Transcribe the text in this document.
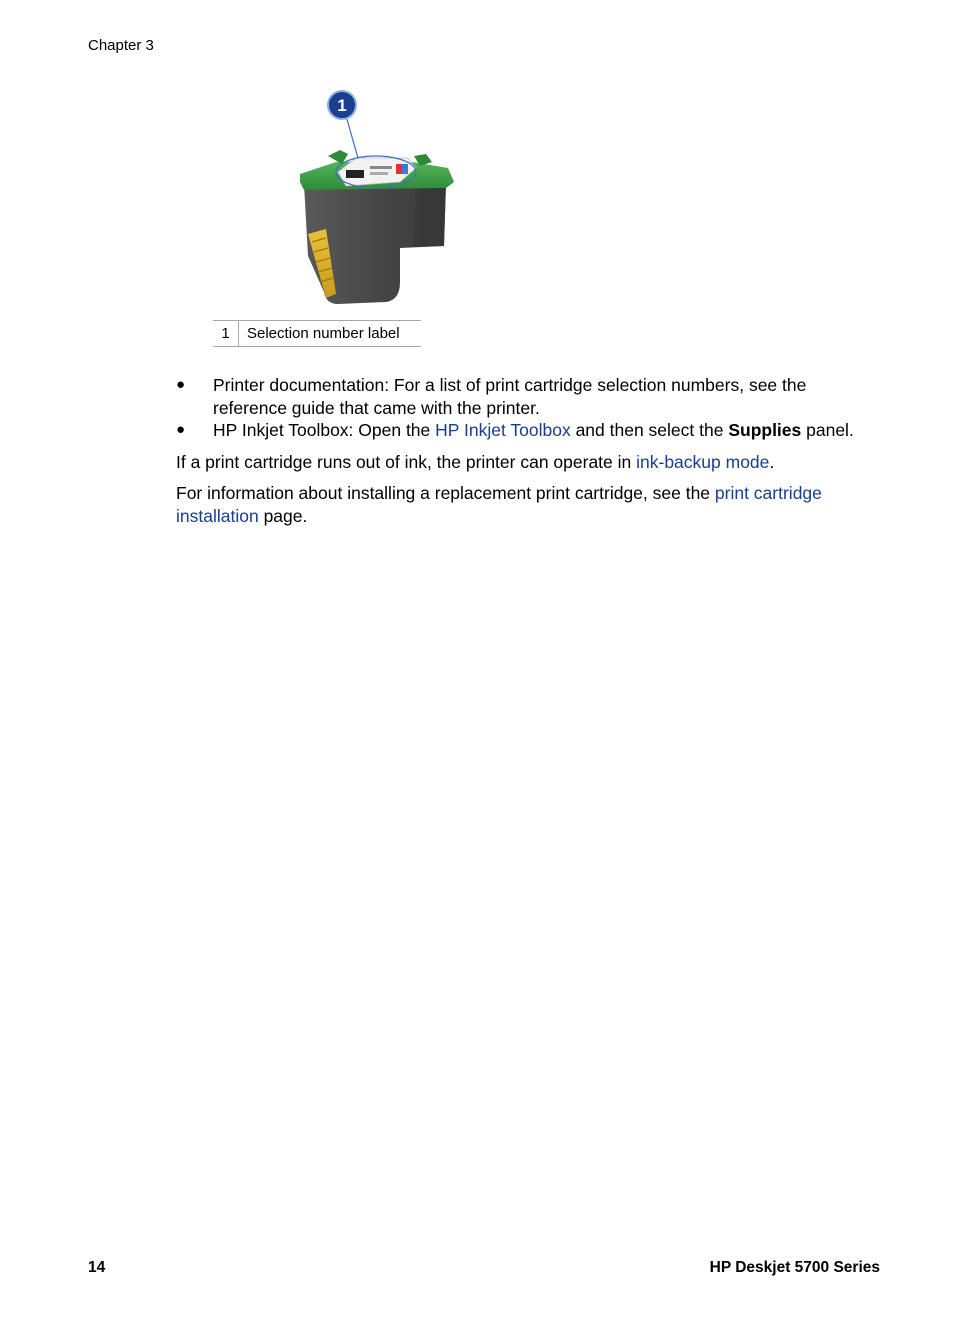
Chapter 3
1
1	Selection number label
● Printer documentation: For a list of print cartridge selection numbers, see the reference guide that came with the printer.
● HP Inkjet Toolbox: Open the HP Inkjet Toolbox and then select the Supplies panel.

If a print cartridge runs out of ink, the printer can operate in ink-backup mode.

For information about installing a replacement print cartridge, see the print cartridge installation page.

14	HP Deskjet 5700 Series
